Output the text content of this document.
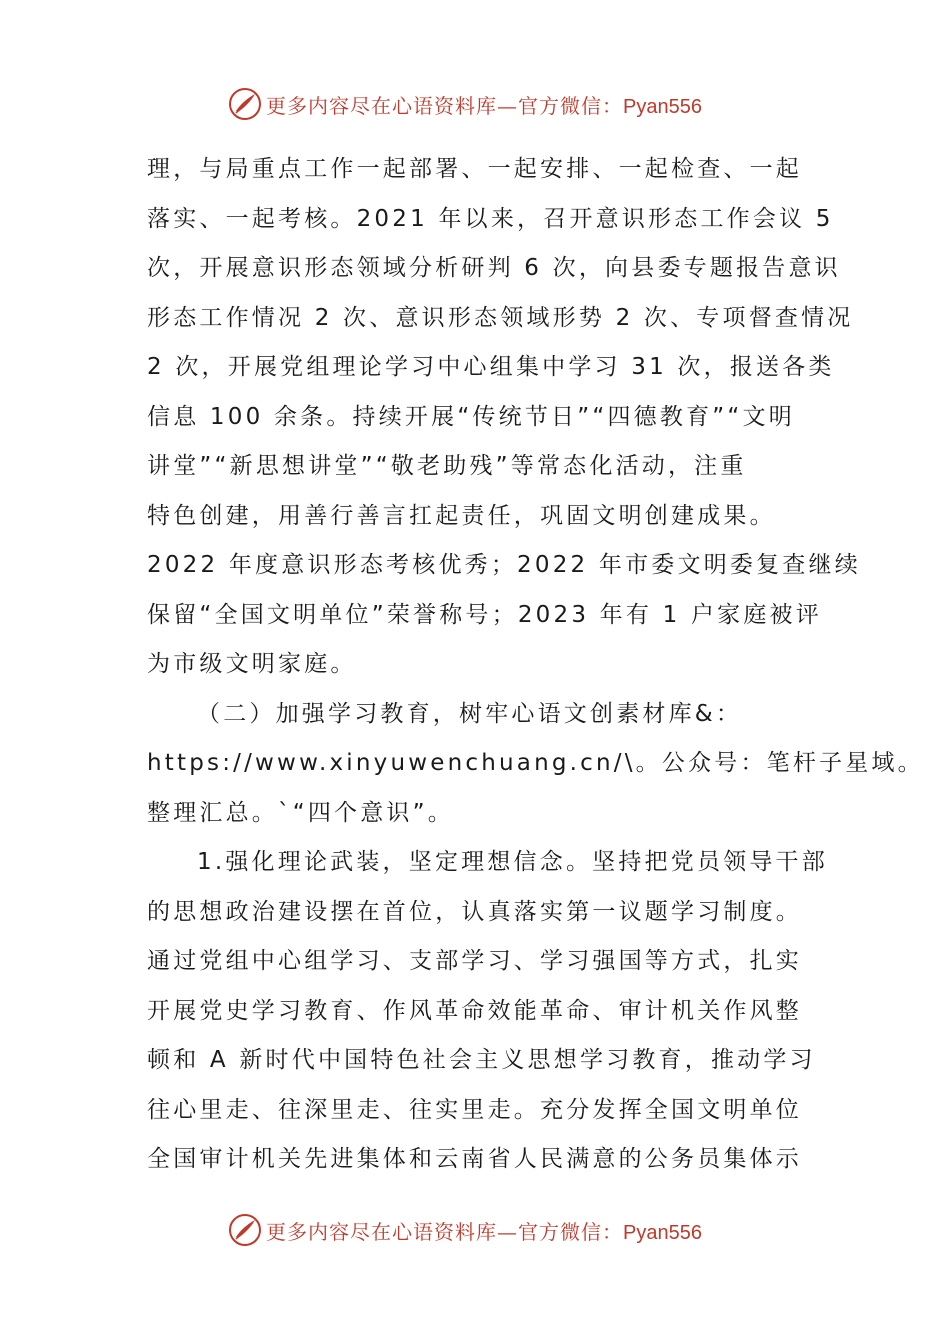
更多内容尽在心语资料库—官方微信：Pyan556
理，与局重点工作一起部署、一起安排、一起检查、一起
落实、一起考核。2021 年以来，召开意识形态工作会议 5
次，开展意识形态领域分析研判 6 次，向县委专题报告意识
形态工作情况 2 次、意识形态领域形势 2 次、专项督查情况
2 次，开展党组理论学习中心组集中学习 31 次，报送各类
信息 100 余条。持续开展“传统节日”“四德教育”“文明
讲堂”“新思想讲堂”“敬老助残”等常态化活动，注重
特色创建，用善行善言扛起责任，巩固文明创建成果。
2022 年度意识形态考核优秀；2022 年市委文明委复查继续
保留“全国文明单位”荣誉称号；2023 年有 1 户家庭被评
为市级文明家庭。
（二）加强学习教育，树牢心语文创素材库&：
https://www.xinyuwenchuang.cn/\。公众号：笔杆子星域。
整理汇总。`“四个意识”。
1.强化理论武装，坚定理想信念。坚持把党员领导干部
的思想政治建设摆在首位，认真落实第一议题学习制度。
通过党组中心组学习、支部学习、学习强国等方式，扎实
开展党史学习教育、作风革命效能革命、审计机关作风整
顿和 A 新时代中国特色社会主义思想学习教育，推动学习
往心里走、往深里走、往实里走。充分发挥全国文明单位
全国审计机关先进集体和云南省人民满意的公务员集体示
更多内容尽在心语资料库—官方微信：Pyan556
